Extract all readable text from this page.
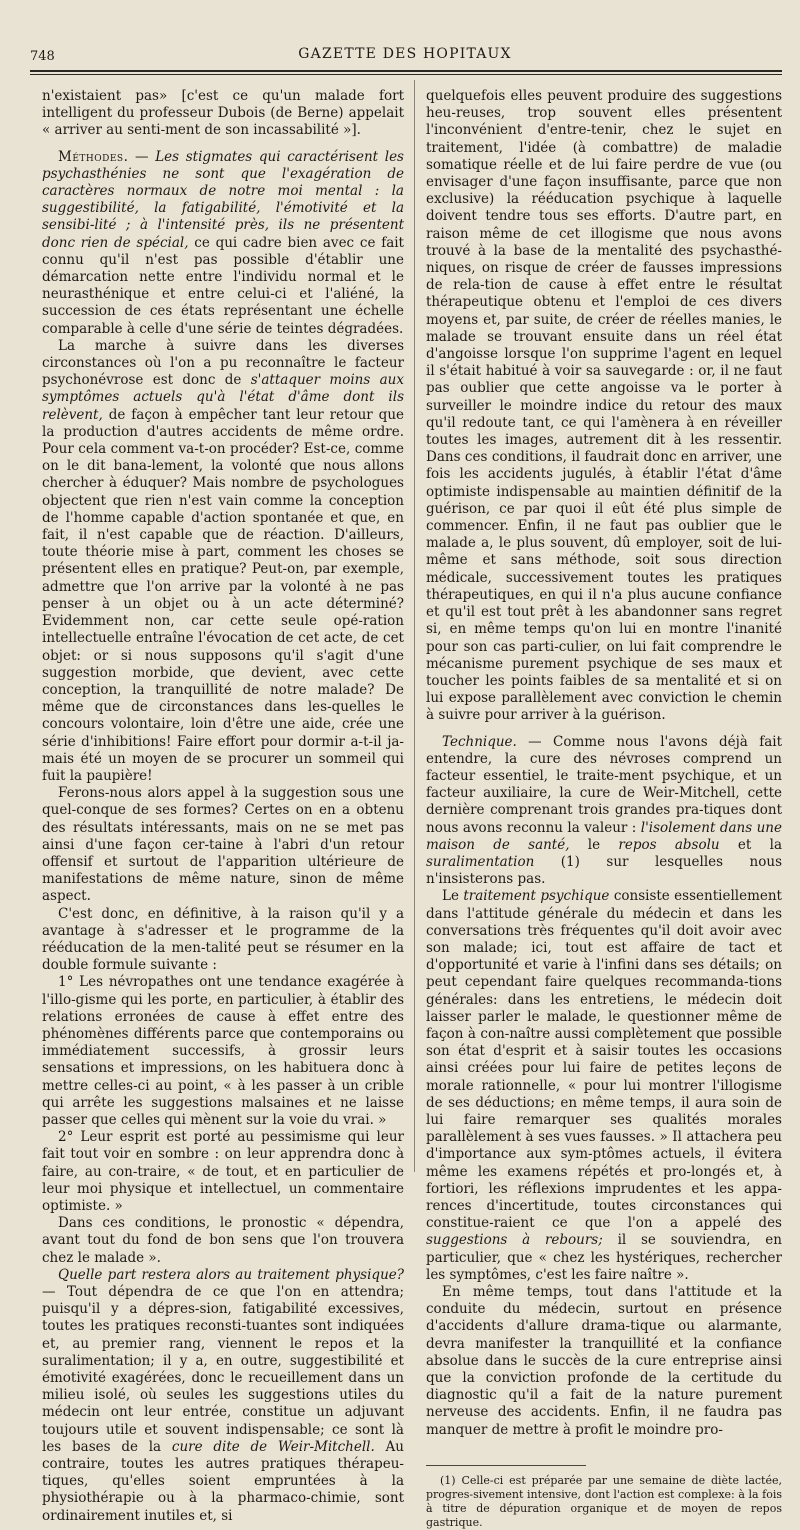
748	GAZETTE DES HOPITAUX

n'existaient pas» [c'est ce qu'un malade fort intelligent du professeur Dubois (de Berne) appelait « arriver au senti-ment de son incassabilité »].

Méthodes. — Les stigmates qui caractérisent les psychasthénies ne sont que l'exagération de caractères normaux de notre moi mental : la suggestibilité, la fatigabilité, l'émotivité et la sensibi-lité ; à l'intensité près, ils ne présentent donc rien de spécial, ce qui cadre bien avec ce fait connu qu'il n'est pas possible d'établir une démarcation nette entre l'individu normal et le neurasthénique et entre celui-ci et l'aliéné, la succession de ces états représentant une échelle comparable à celle d'une série de teintes dégradées.

La marche à suivre dans les diverses circonstances où l'on a pu reconnaître le facteur psychonévrose est donc de s'attaquer moins aux symptômes actuels qu'à l'état d'âme dont ils relèvent, de façon à empêcher tant leur retour que la production d'autres accidents de même ordre. Pour cela comment va-t-on procéder? Est-ce, comme on le dit bana-lement, la volonté que nous allons chercher à éduquer? Mais nombre de psychologues objectent que rien n'est vain comme la conception de l'homme capable d'action spontanée et que, en fait, il n'est capable que de réaction. D'ailleurs, toute théorie mise à part, comment les choses se présentent elles en pratique? Peut-on, par exemple, admettre que l'on arrive par la volonté à ne pas penser à un objet ou à un acte déterminé? Evidemment non, car cette seule opé-ration intellectuelle entraîne l'évocation de cet acte, de cet objet: or si nous supposons qu'il s'agit d'une suggestion morbide, que devient, avec cette conception, la tranquillité de notre malade? De même que de circonstances dans les-quelles le concours volontaire, loin d'être une aide, crée une série d'inhibitions! Faire effort pour dormir a-t-il ja-mais été un moyen de se procurer un sommeil qui fuit la paupière!

Ferons-nous alors appel à la suggestion sous une quel-conque de ses formes? Certes on en a obtenu des résultats intéressants, mais on ne se met pas ainsi d'une façon cer-taine à l'abri d'un retour offensif et surtout de l'apparition ultérieure de manifestations de même nature, sinon de même aspect.

C'est donc, en définitive, à la raison qu'il y a avantage à s'adresser et le programme de la rééducation de la men-talité peut se résumer en la double formule suivante :

1° Les névropathes ont une tendance exagérée à l'illo-gisme qui les porte, en particulier, à établir des relations erronées de cause à effet entre des phénomènes différents parce que contemporains ou immédiatement successifs, à grossir leurs sensations et impressions, on les habituera donc à mettre celles-ci au point, « à les passer à un crible qui arrête les suggestions malsaines et ne laisse passer que celles qui mènent sur la voie du vrai. »

2° Leur esprit est porté au pessimisme qui leur fait tout voir en sombre : on leur apprendra donc à faire, au con-traire, « de tout, et en particulier de leur moi physique et intellectuel, un commentaire optimiste. »

Dans ces conditions, le pronostic « dépendra, avant tout du fond de bon sens que l'on trouvera chez le malade ».

Quelle part restera alors au traitement physique? — Tout dépendra de ce que l'on en attendra; puisqu'il y a dépres-sion, fatigabilité excessives, toutes les pratiques reconsti-tuantes sont indiquées et, au premier rang, viennent le repos et la suralimentation; il y a, en outre, suggestibilité et émotivité exagérées, donc le recueillement dans un milieu isolé, où seules les suggestions utiles du médecin ont leur entrée, constitue un adjuvant toujours utile et souvent indispensable; ce sont là les bases de la cure dite de Weir-Mitchell. Au contraire, toutes les autres pratiques thérapeu-tiques, qu'elles soient empruntées à la physiothérapie ou à la pharmaco-chimie, sont ordinairement inutiles et, si

quelquefois elles peuvent produire des suggestions heu-reuses, trop souvent elles présentent l'inconvénient d'entre-tenir, chez le sujet en traitement, l'idée (à combattre) de maladie somatique réelle et de lui faire perdre de vue (ou envisager d'une façon insuffisante, parce que non exclusive) la rééducation psychique à laquelle doivent tendre tous ses efforts. D'autre part, en raison même de cet illogisme que nous avons trouvé à la base de la mentalité des psychasthé-niques, on risque de créer de fausses impressions de rela-tion de cause à effet entre le résultat thérapeutique obtenu et l'emploi de ces divers moyens et, par suite, de créer de réelles manies, le malade se trouvant ensuite dans un réel état d'angoisse lorsque l'on supprime l'agent en lequel il s'était habitué à voir sa sauvegarde : or, il ne faut pas oublier que cette angoisse va le porter à surveiller le moindre indice du retour des maux qu'il redoute tant, ce qui l'amènera à en réveiller toutes les images, autrement dit à les ressentir. Dans ces conditions, il faudrait donc en arriver, une fois les accidents jugulés, à établir l'état d'âme optimiste indispensable au maintien définitif de la guérison, ce par quoi il eût été plus simple de commencer. Enfin, il ne faut pas oublier que le malade a, le plus souvent, dû employer, soit de lui-même et sans méthode, soit sous direction médicale, successivement toutes les pratiques thérapeutiques, en qui il n'a plus aucune confiance et qu'il est tout prêt à les abandonner sans regret si, en même temps qu'on lui en montre l'inanité pour son cas parti-culier, on lui fait comprendre le mécanisme purement psychique de ses maux et toucher les points faibles de sa mentalité et si on lui expose parallèlement avec conviction le chemin à suivre pour arriver à la guérison.

Technique. — Comme nous l'avons déjà fait entendre, la cure des névroses comprend un facteur essentiel, le traite-ment psychique, et un facteur auxiliaire, la cure de Weir-Mitchell, cette dernière comprenant trois grandes pra-tiques dont nous avons reconnu la valeur : l'isolement dans une maison de santé, le repos absolu et la suralimentation (1) sur lesquelles nous n'insisterons pas.

Le traitement psychique consiste essentiellement dans l'attitude générale du médecin et dans les conversations très fréquentes qu'il doit avoir avec son malade; ici, tout est affaire de tact et d'opportunité et varie à l'infini dans ses détails; on peut cependant faire quelques recommanda-tions générales: dans les entretiens, le médecin doit laisser parler le malade, le questionner même de façon à con-naître aussi complètement que possible son état d'esprit et à saisir toutes les occasions ainsi créées pour lui faire de petites leçons de morale rationnelle, « pour lui montrer l'illogisme de ses déductions; en même temps, il aura soin de lui faire remarquer ses qualités morales parallèlement à ses vues fausses. » Il attachera peu d'importance aux sym-ptômes actuels, il évitera même les examens répétés et pro-longés et, à fortiori, les réflexions imprudentes et les appa-rences d'incertitude, toutes circonstances qui constitue-raient ce que l'on a appelé des suggestions à rebours; il se souviendra, en particulier, que « chez les hystériques, rechercher les symptômes, c'est les faire naître ».

En même temps, tout dans l'attitude et la conduite du médecin, surtout en présence d'accidents d'allure drama-tique ou alarmante, devra manifester la tranquillité et la confiance absolue dans le succès de la cure entreprise ainsi que la conviction profonde de la certitude du diagnostic qu'il a fait de la nature purement nerveuse des accidents. Enfin, il ne faudra pas manquer de mettre à profit le moindre pro-

(1) Celle-ci est préparée par une semaine de diète lactée, progres-sivement intensive, dont l'action est complexe: à la fois à titre de dépuration organique et de moyen de repos gastrique.
